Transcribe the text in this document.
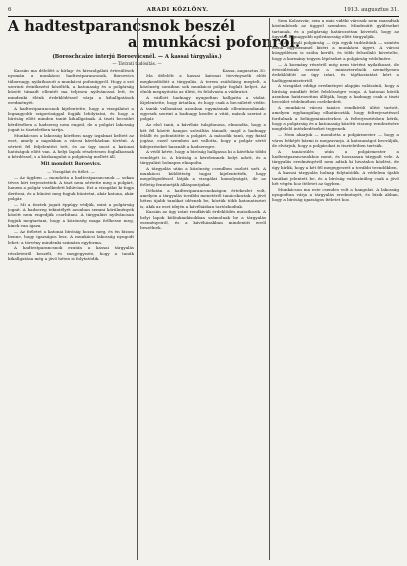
6	ARADI KÖZLÖNY.	1913. augusztus 31.
A hadtestparancsnok beszél
a munkácsi pofonról.
(Boroschcaize interjú Boroevicsnél. — A kassai tárgyalás.)
— Távirati tudósítás. —

Kassán ma délelőtt a hírlap- és hírszolgálati értesülések nyomán a munkácsi hadtestparancsnok, Boroevics tábornagy, nyilatkozott a munkácsi pofonügyről. Hogy a szó szerinti érintkezést közölték, a katonaság és a polgárság között támadt ellentét ma teljesen nyilvánossá lett, és mindenki élénk érdeklődéssel várja a kihallgatások eredményét.

A hadtestparancsnok kijelentette, hogy a vizsgálatot a legnagyobb szigorúsággal fogják lefolytatni, és hogy a bíróság előtt minden tanút kihallgatnak. A tiszti becsület kérdésében a hadsereg nem enged, de a polgári lakosság jogait is tiszteletben tartja.

Munkácson a lakosság körében nagy izgalmat keltett az eset, amely a napokban a városi kávéházban történt. A sértett fél feljelentést tett, és az ügy most a katonai hatóságok előtt van. A helyi lapok részletesen foglalkoznak a kérdéssel, s a közhangulat a polgárság mellett áll.

Mit mondott Boroevics.
— Vizsgálat és ítélet. —

— Az ügyben — mondotta a hadtestparancsnok — sokan téves hírt terjesztettek. A tiszt nem sértette meg a polgárt, hanem a polgár viselkedett kihívóan. Ezt a vizsgálat ki fogja deríteni, és a bűnöst meg fogjuk büntetni, akár katona, akár polgár.

— Mi a tisztek jogait éppúgy védjük, mint a polgárság jogait. A hadsereg tekintélyét azonban semmi körülmények között nem engedjük csorbítani. A tárgyalást nyilvánosan fogjuk megtartani, hogy a közönség maga ítélhesse meg, kinek van igaza.

— Az ítéletet a katonai bíróság hozza meg, és én bízom benne, hogy igazságos lesz. A munkácsi lakosság nyugodt lehet: a törvény mindenki számára egyforma.

A hadtestparancsnok ezután a kassai tárgyalás részleteiről beszélt, és megjegyezte, hogy a tanúk kihallgatása még a jövő héten is folytatódik.

Kassa, augusztus 30.

Ma délelőtt a kassai katonai törvényszék előtt megkezdődött a tárgyalás. A terem zsúfolásig megtelt, a közönség soraiban sok munkácsi polgár foglalt helyet. Az elnök megnyitotta az ülést, és felolvasta a vádiratot.

A vádlott hadnagy nyugodtan hallgatta a vádat. Kijelentette, hogy ártatlan, és hogy csak a becsületét védte. A tanúk vallomásai azonban egymásnak ellentmondanak: egyesek szerint a hadnagy kezdte a vitát, mások szerint a polgár.

Az első tanú, a kávéház tulajdonosa, elmondta, hogy a két fél között hangos szóváltás támadt, majd a hadnagy felállt és pofonütötte a polgárt. A második tanú, egy fiatal jogász, ezzel szemben azt vallotta, hogy a polgár sértő kifejezéseket használt a hadseregre.

A védő kérte, hogy a bíróság hallgassa ki a kávéház többi vendégét is. A bíróság a kérelemnek helyt adott, és a tárgyalást holnapra elnapolta.

A tárgyalás után a közönség csendben oszlott szét. A munkácsi küldöttség tagjai kijelentették, hogy megelégedéssel látják a vizsgálat komolyságát, de az ítéletig fenntartják álláspontjukat.

Délután a hadtestparancsnokságon értekezlet volt, amelyen a tárgyalás további menetéről tanácskoztak. A jövő héten újabb tanúkat idéznek be, köztük több katonatisztet is, akik az eset idején a kávéházban tartózkodtak.

Kassán az ügy iránt rendkívüli érdeklődés mutatkozik. A helyi lapok különkiadásokban számolnak be a tárgyalás eseményeiről, és a kávéházakban mindenütt erről beszélnek.

Sem Kolozsvár, sem a más vidéki városok nem maradtak közömbösek az üggyel szemben. Mindenütt gyűléseket tartanak, és a polgárság határozottan követeli, hogy az ügyet a legnagyobb nyilvánosság előtt tárgyalják.

— Az aradi polgárság — írja egyik tudósítónk — szintén élénk figyelemmel kíséri a munkácsi ügyet. A városi közgyűlésen is szóba került, és több felszólaló követelte, hogy a kormány tegyen lépéseket a polgárság védelmére.

— A kormány részéről még nem történt nyilatkozat, de értesülésünk szerint a miniszterelnök személyesen érdeklődött az ügy iránt, és tájékoztatást kért a hadügyminisztertől.

A vizsgálat eddigi eredményei alapján valószínű, hogy a bíróság mindkét felet felelősségre vonja. A katonai körök azonban határozottan állítják, hogy a hadnagy csak a tiszti becsület védelmében cselekedett.

A munkácsi városi tanács rendkívüli ülést tartott, amelyen egyhangúlag elhatározták, hogy felterjesztéssel fordulnak a belügyminiszterhez. A felterjesztésben kérik, hogy a polgárság és a katonaság közötti viszony rendezésére megfelelő intézkedéseket tegyenek.

— Nem akarjuk — mondotta a polgármester — hogy a város békéjét bármi is megzavarja. A katonaságot becsüljük, de elvárjuk, hogy a polgárokat is tiszteletben tartsák.

A tanácsülés után a polgármester a hadtestparancsnokhoz ment, és hosszasan tárgyalt vele. A tárgyalás eredményéről nem adtak ki hivatalos közlést, de úgy hírlik, hogy a két fél megegyezett a további teendőkben.

A kassai tárgyalás holnap folytatódik. A védelem újabb tanúkat jelentett be, és a bíróság valószínűleg csak a jövő hét végén hoz ítéletet az ügyben.

Munkácson ma este csendes volt a hangulat. A lakosság nyugodtan várja a tárgyalás eredményét, és bízik abban, hogy a bíróság igazságos ítéletet hoz.
